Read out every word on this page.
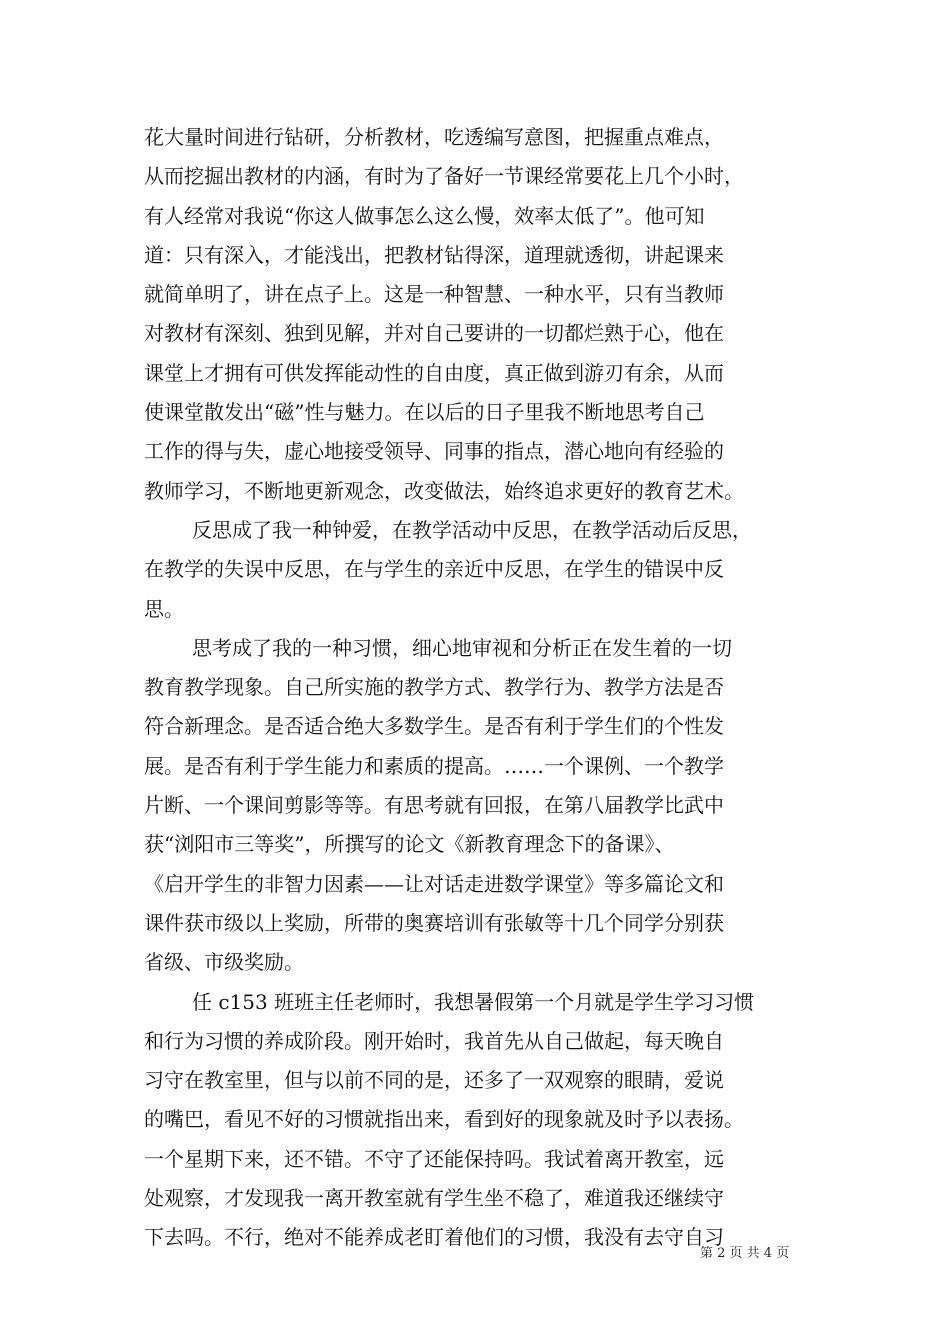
花大量时间进行钻研，分析教材，吃透编写意图，把握重点难点，
从而挖掘出教材的内涵，有时为了备好一节课经常要花上几个小时，
有人经常对我说“你这人做事怎么这么慢，效率太低了”。他可知
道：只有深入，才能浅出，把教材钻得深，道理就透彻，讲起课来
就简单明了，讲在点子上。这是一种智慧、一种水平，只有当教师
对教材有深刻、独到见解，并对自己要讲的一切都烂熟于心，他在
课堂上才拥有可供发挥能动性的自由度，真正做到游刃有余，从而
使课堂散发出“磁”性与魅力。在以后的日子里我不断地思考自己
工作的得与失，虚心地接受领导、同事的指点，潜心地向有经验的
教师学习，不断地更新观念，改变做法，始终追求更好的教育艺术。
反思成了我一种钟爱，在教学活动中反思，在教学活动后反思，
在教学的失误中反思，在与学生的亲近中反思，在学生的错误中反
思。
思考成了我的一种习惯，细心地审视和分析正在发生着的一切
教育教学现象。自己所实施的教学方式、教学行为、教学方法是否
符合新理念。是否适合绝大多数学生。是否有利于学生们的个性发
展。是否有利于学生能力和素质的提高。……一个课例、一个教学
片断、一个课间剪影等等。有思考就有回报，在第八届教学比武中
获“浏阳市三等奖”，所撰写的论文《新教育理念下的备课》、
《启开学生的非智力因素——让对话走进数学课堂》等多篇论文和
课件获市级以上奖励，所带的奥赛培训有张敏等十几个同学分别获
省级、市级奖励。
任 c153 班班主任老师时，我想暑假第一个月就是学生学习习惯
和行为习惯的养成阶段。刚开始时，我首先从自己做起，每天晚自
习守在教室里，但与以前不同的是，还多了一双观察的眼睛，爱说
的嘴巴，看见不好的习惯就指出来，看到好的现象就及时予以表扬。
一个星期下来，还不错。不守了还能保持吗。我试着离开教室，远
处观察，才发现我一离开教室就有学生坐不稳了，难道我还继续守
下去吗。不行，绝对不能养成老盯着他们的习惯，我没有去守自习
第 2 页 共 4 页
